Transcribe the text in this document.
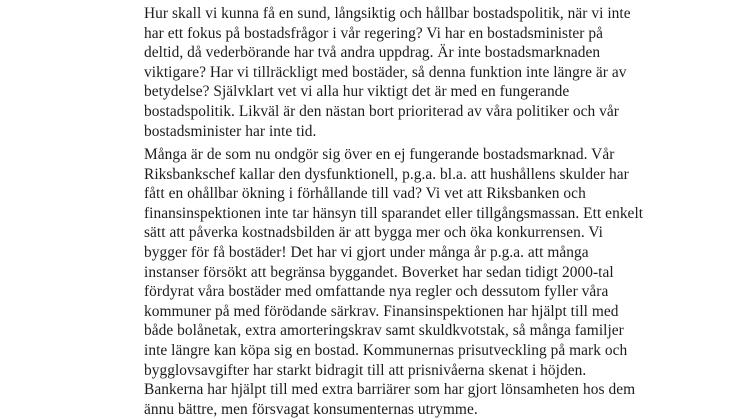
Hur skall vi kunna få en sund, långsiktig och hållbar bostadspolitik, när vi inte
har ett fokus på bostadsfrågor i vår regering? Vi har en bostadsminister på
deltid, då vederbörande har två andra uppdrag. Är inte bostadsmarknaden
viktigare? Har vi tillräckligt med bostäder, så denna funktion inte längre är av
betydelse? Självklart vet vi alla hur viktigt det är med en fungerande
bostadspolitik. Likväl är den nästan bort prioriterad av våra politiker och vår
bostadsminister har inte tid.

Många är de som nu ondgör sig över en ej fungerande bostadsmarknad. Vår
Riksbankschef kallar den dysfunktionell, p.g.a. bl.a. att hushållens skulder har
fått en ohållbar ökning i förhållande till vad? Vi vet att Riksbanken och
finansinspektionen inte tar hänsyn till sparandet eller tillgångsmassan. Ett enkelt
sätt att påverka kostnadsbilden är att bygga mer och öka konkurrensen. Vi
bygger för få bostäder! Det har vi gjort under många år p.g.a. att många
instanser försökt att begränsa byggandet. Boverket har sedan tidigt 2000-tal
fördyrat våra bostäder med omfattande nya regler och dessutom fyller våra
kommuner på med förödande särkrav. Finansinspektionen har hjälpt till med
både bolånetak, extra amorteringskrav samt skuldkvotstak, så många familjer
inte längre kan köpa sig en bostad. Kommunernas prisutveckling på mark och
bygglovsavgifter har starkt bidragit till att prisnivåerna skenat i höjden.
Bankerna har hjälpt till med extra barriärer som har gjort lönsamheten hos dem
ännu bättre, men försvagat konsumenternas utrymme.
